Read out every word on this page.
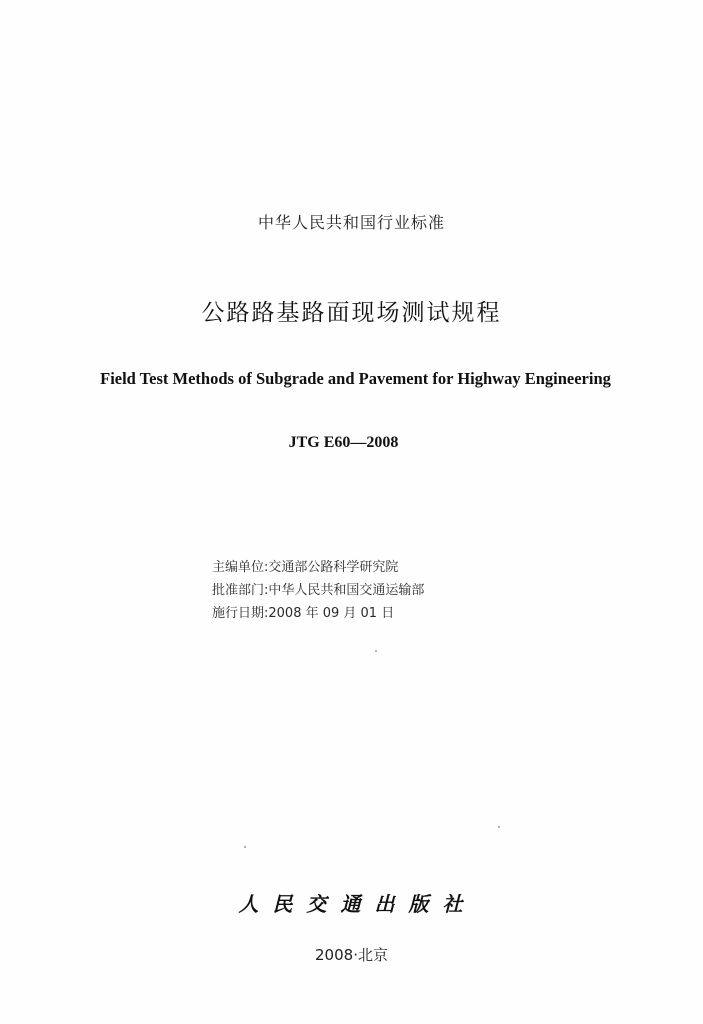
中华人民共和国行业标准
公路路基路面现场测试规程
Field Test Methods of Subgrade and Pavement for Highway Engineering
JTG E60—2008
主编单位:交通部公路科学研究院
批准部门:中华人民共和国交通运输部
施行日期:2008 年 09 月 01 日
人民交通出版社
2008·北京
